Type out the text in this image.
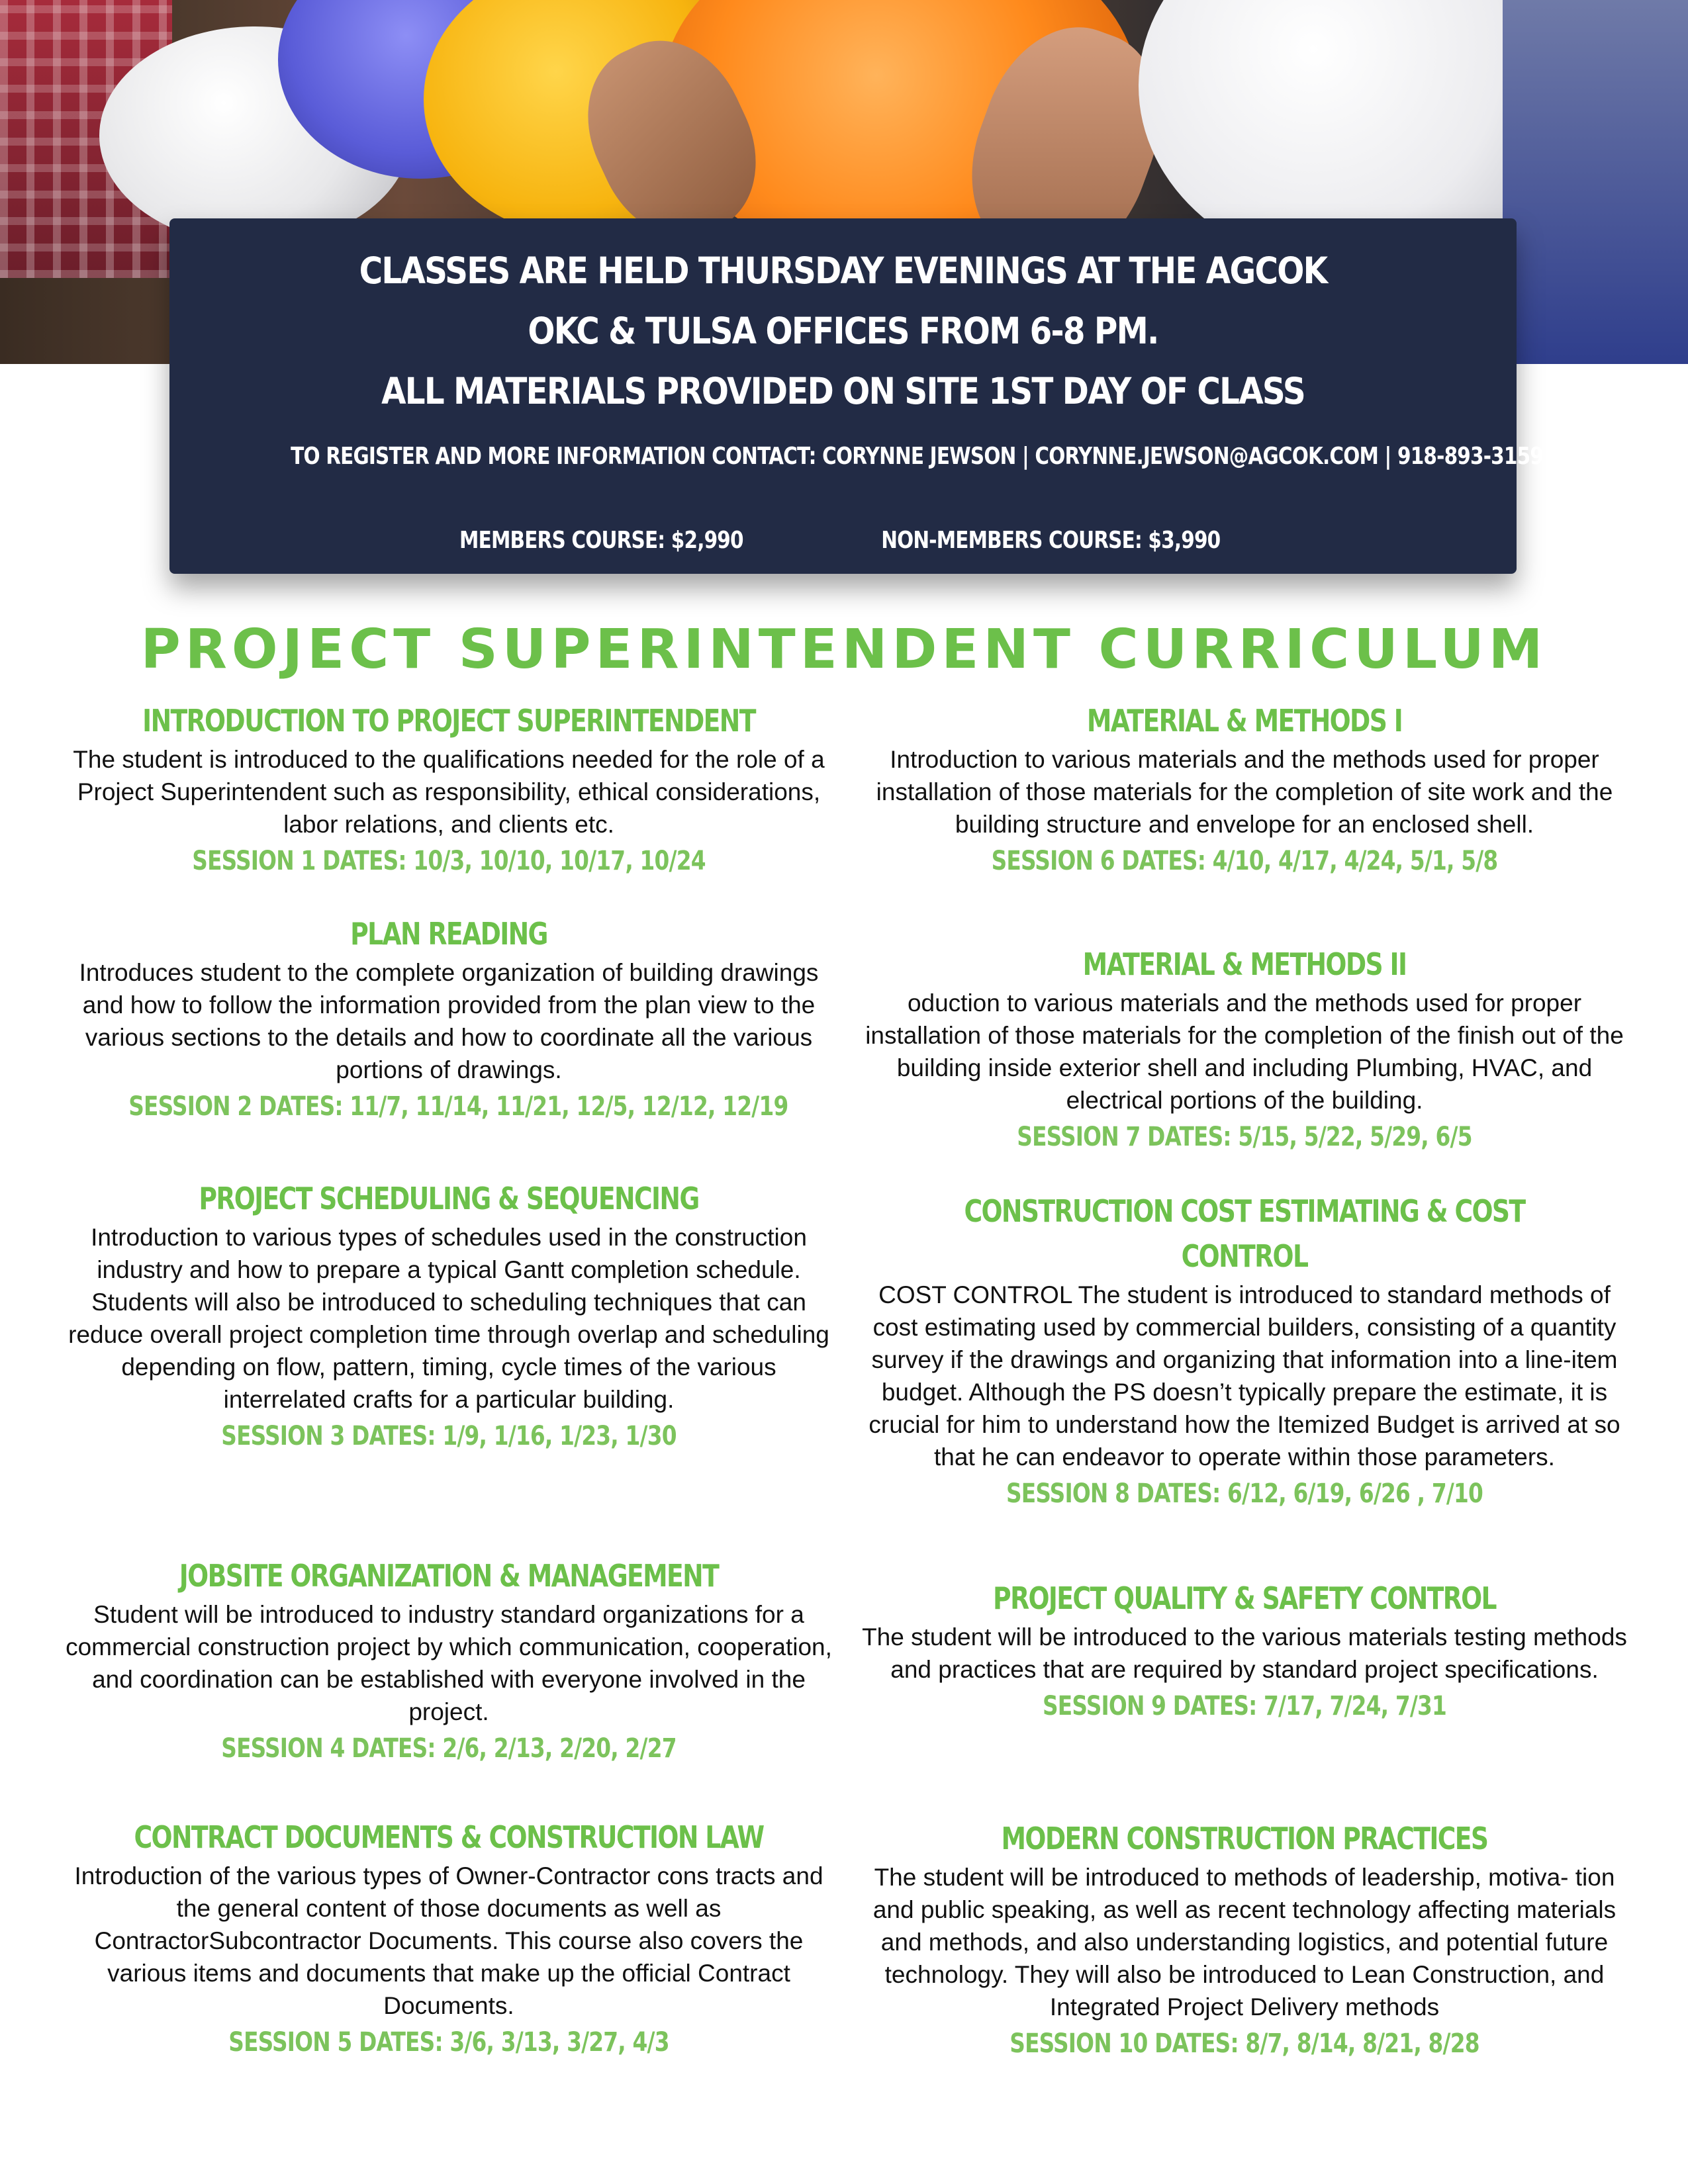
CLASSES ARE HELD THURSDAY EVENINGS AT THE AGCOK
OKC & TULSA OFFICES FROM 6-8 PM.
ALL MATERIALS PROVIDED ON SITE 1ST DAY OF CLASS
TO REGISTER AND MORE INFORMATION CONTACT: CORYNNE JEWSON | CORYNNE.JEWSON@AGCOK.COM | 918-893-3159
MEMBERS COURSE: $2,990	NON-MEMBERS COURSE: $3,990
PROJECT SUPERINTENDENT CURRICULUM
INTRODUCTION TO PROJECT SUPERINTENDENT
The student is introduced to the qualifications needed for the role of a Project Superintendent such as responsibility, ethical considerations, labor relations, and clients etc.
SESSION 1 DATES: 10/3, 10/10, 10/17, 10/24
PLAN READING
Introduces student to the complete organization of building drawings and how to follow the information provided from the plan view to the various sections to the details and how to coordinate all the various portions of drawings.
SESSION 2 DATES: 11/7, 11/14, 11/21, 12/5, 12/12, 12/19
PROJECT SCHEDULING & SEQUENCING
Introduction to various types of schedules used in the construction industry and how to prepare a typical Gantt completion schedule. Students will also be introduced to scheduling techniques that can reduce overall project completion time through overlap and scheduling depending on flow, pattern, timing, cycle times of the various interrelated crafts for a particular building.
SESSION 3 DATES: 1/9, 1/16, 1/23, 1/30
JOBSITE ORGANIZATION & MANAGEMENT
Student will be introduced to industry standard organizations for a commercial construction project by which communication, cooperation, and coordination can be established with everyone involved in the project.
SESSION 4 DATES: 2/6, 2/13, 2/20, 2/27
CONTRACT DOCUMENTS & CONSTRUCTION LAW
Introduction of the various types of Owner-Contractor cons tracts and the general content of those documents as well as ContractorSubcontractor Documents. This course also covers the various items and documents that make up the official Contract Documents.
SESSION 5 DATES: 3/6, 3/13, 3/27, 4/3
MATERIAL & METHODS I
Introduction to various materials and the methods used for proper installation of those materials for the completion of site work and the building structure and envelope for an enclosed shell.
SESSION 6 DATES: 4/10, 4/17, 4/24, 5/1, 5/8
MATERIAL & METHODS II
oduction to various materials and the methods used for proper installation of those materials for the completion of the finish out of the building inside exterior shell and including Plumbing, HVAC, and electrical portions of the building.
SESSION 7 DATES: 5/15, 5/22, 5/29, 6/5
CONSTRUCTION COST ESTIMATING & COST CONTROL
COST CONTROL The student is introduced to standard methods of cost estimating used by commercial builders, consisting of a quantity survey if the drawings and organizing that information into a line-item budget. Although the PS doesn’t typically prepare the estimate, it is crucial for him to understand how the Itemized Budget is arrived at so that he can endeavor to operate within those parameters.
SESSION 8 DATES: 6/12, 6/19, 6/26 , 7/10
PROJECT QUALITY & SAFETY CONTROL
The student will be introduced to the various materials testing methods and practices that are required by standard project specifications.
SESSION 9 DATES: 7/17, 7/24, 7/31
MODERN CONSTRUCTION PRACTICES
The student will be introduced to methods of leadership, motiva- tion and public speaking, as well as recent technology affecting materials and methods, and also understanding logistics, and potential future technology. They will also be introduced to Lean Construction, and Integrated Project Delivery methods
SESSION 10 DATES: 8/7, 8/14, 8/21, 8/28
